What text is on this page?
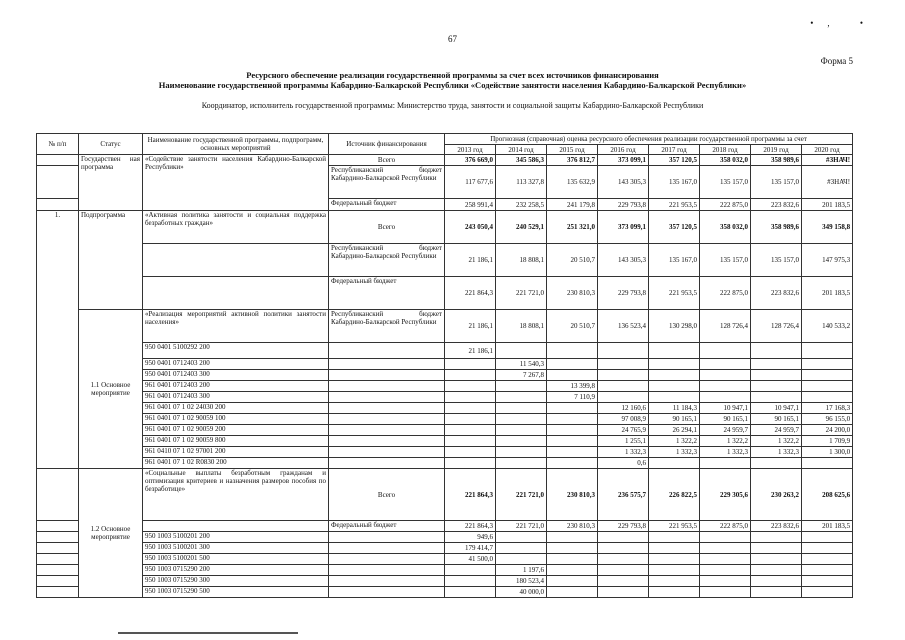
•, •
67
Форма 5
Ресурсного обеспечение реализации государственной программы за счет всех источников финансирования
Наименование государственной программы Кабардино-Балкарской Республики «Содействие занятости населения Кабардино-Балкарской Республики»
Координатор, исполнитель государственной программы: Министерство труда, занятости и социальной защиты Кабардино-Балкарской Республики
№ п/п	Статус	Наименование государственной программы, подпрограмм, основных мероприятий	Источник финансирования	Прогнозная (справочная) оценка ресурсного обеспечения реализации государственной программы за счет							
				2013 год	2014 год	2015 год	2016 год	2017 год	2018 год	2019 год	2020 год
	Государствен ная программа	«Содействие занятости населения Кабардино-Балкарской Республики»	Всего	376 669,0	345 586,3	376 812,7	373 099,1	357 120,5	358 032,0	358 989,6	#ЗНАЧ!
			Республиканский бюджет Кабардино-Балкарской Республики	117 677,6	113 327,8	135 632,9	143 305,3	135 167,0	135 157,0	135 157,0	#ЗНАЧ!
			Федеральный бюджет	258 991,4	232 258,5	241 179,8	229 793,8	221 953,5	222 875,0	223 832,6	201 183,5
1.	Подпрограмма	«Активная политика занятости и социальная поддержка безработных граждан»	Всего	243 050,4	240 529,1	251 321,0	373 099,1	357 120,5	358 032,0	358 989,6	349 158,8
			Республиканский бюджет Кабардино-Балкарской Республики	21 186,1	18 808,1	20 510,7	143 305,3	135 167,0	135 157,0	135 157,0	147 975,3
			Федеральный бюджет	221 864,3	221 721,0	230 810,3	229 793,8	221 953,5	222 875,0	223 832,6	201 183,5
	1.1 Основное мероприятие	«Реализация мероприятий активной политики занятости населения»	Республиканский бюджет Кабардино-Балкарской Республики	21 186,1	18 808,1	20 510,7	136 523,4	130 298,0	128 726,4	128 726,4	140 533,2
		950 0401 5100292 200		21 186,1							
		950 0401 0712403 200			11 540,3						
		950 0401 0712403 300			7 267,8						
		961 0401 0712403 200				13 399,8					
		961 0401 0712403 300				7 110,9					
		961 0401 07 1 02 24030 200					12 160,6	11 184,3	10 947,1	10 947,1	17 168,3
		961 0401 07 1 02 90059 100					97 008,9	90 165,1	90 165,1	90 165,1	96 155,0
		961 0401 07 1 02 90059 200					24 765,9	26 294,1	24 959,7	24 959,7	24 200,0
		961 0401 07 1 02 90059 800					1 255,1	1 322,2	1 322,2	1 322,2	1 709,9
		961 0410 07 1 02 97001 200					1 332,3	1 332,3	1 332,3	1 332,3	1 300,0
		961 0401 07 1 02 R0830 200					0,6				
	1.2 Основное мероприятие	«Социальные выплаты безработным гражданам и оптимизация критериев и назначения размеров пособия по безработице»	Всего	221 864,3	221 721,0	230 810,3	236 575,7	226 822,5	229 305,6	230 263,2	208 625,6
			Федеральный бюджет	221 864,3	221 721,0	230 810,3	229 793,8	221 953,5	222 875,0	223 832,6	201 183,5
		950 1003 5100201 200		949,6							
		950 1003 5100201 300		179 414,7							
		950 1003 5100201 500		41 500,0							
		950 1003 0715290 200			1 197,6						
		950 1003 0715290 300			180 523,4						
		950 1003 0715290 500			40 000,0						
